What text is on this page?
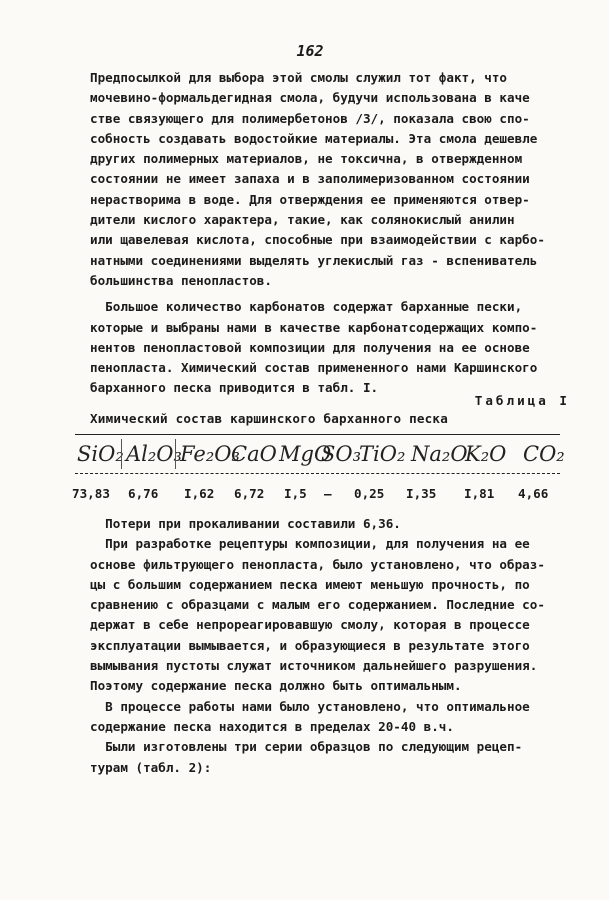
162
Предпосылкой для выбора этой смолы служил тот факт, что
мочевино-формальдегидная смола, будучи использована в каче
стве связующего для полимербетонов /3/, показала свою спо-
собность создавать водостойкие материалы. Эта смола дешевле
других полимерных материалов, не токсична, в отвержденном
состоянии не имеет запаха и в заполимеризованном состоянии
нерастворима в воде. Для отверждения ее применяются отвер-
дители кислого характера, такие, как солянокислый анилин
или щавелевая кислота, способные при взаимодействии с карбо-
натными соединениями выделять углекислый газ - вспениватель
большинства пенопластов.
Большое количество карбонатов содержат барханные пески,
которые и выбраны нами в качестве карбонатсодержащих компо-
нентов пенопластовой композиции для получения на ее основе
пенопласта. Химический состав примененного нами Каршинского
барханного песка приводится в табл. I.
Таблица I
Химический состав каршинского барханного песка
SiO₂ Al₂O₃
Fe₂O₃
CaO MgO
SO₃
TiO₂ Na₂O
K₂O CO₂
73,83 6,76 I,62 6,72 I,5 – 0,25 I,35 I,81 4,66
Потери при прокаливании составили 6,36.
При разработке рецептуры композиции, для получения на ее
основе фильтрующего пенопласта, было установлено, что образ-
цы с большим содержанием песка имеют меньшую прочность, по
сравнению с образцами с малым его содержанием. Последние со-
держат в себе непрореагировавшую смолу, которая в процессе
эксплуатации вымывается, и образующиеся в результате этого
вымывания пустоты служат источником дальнейшего разрушения.
Поэтому содержание песка должно быть оптимальным.
В процессе работы нами было установлено, что оптимальное
содержание песка находится в пределах 20-40 в.ч.
Были изготовлены три серии образцов по следующим рецеп-
турам (табл. 2):
